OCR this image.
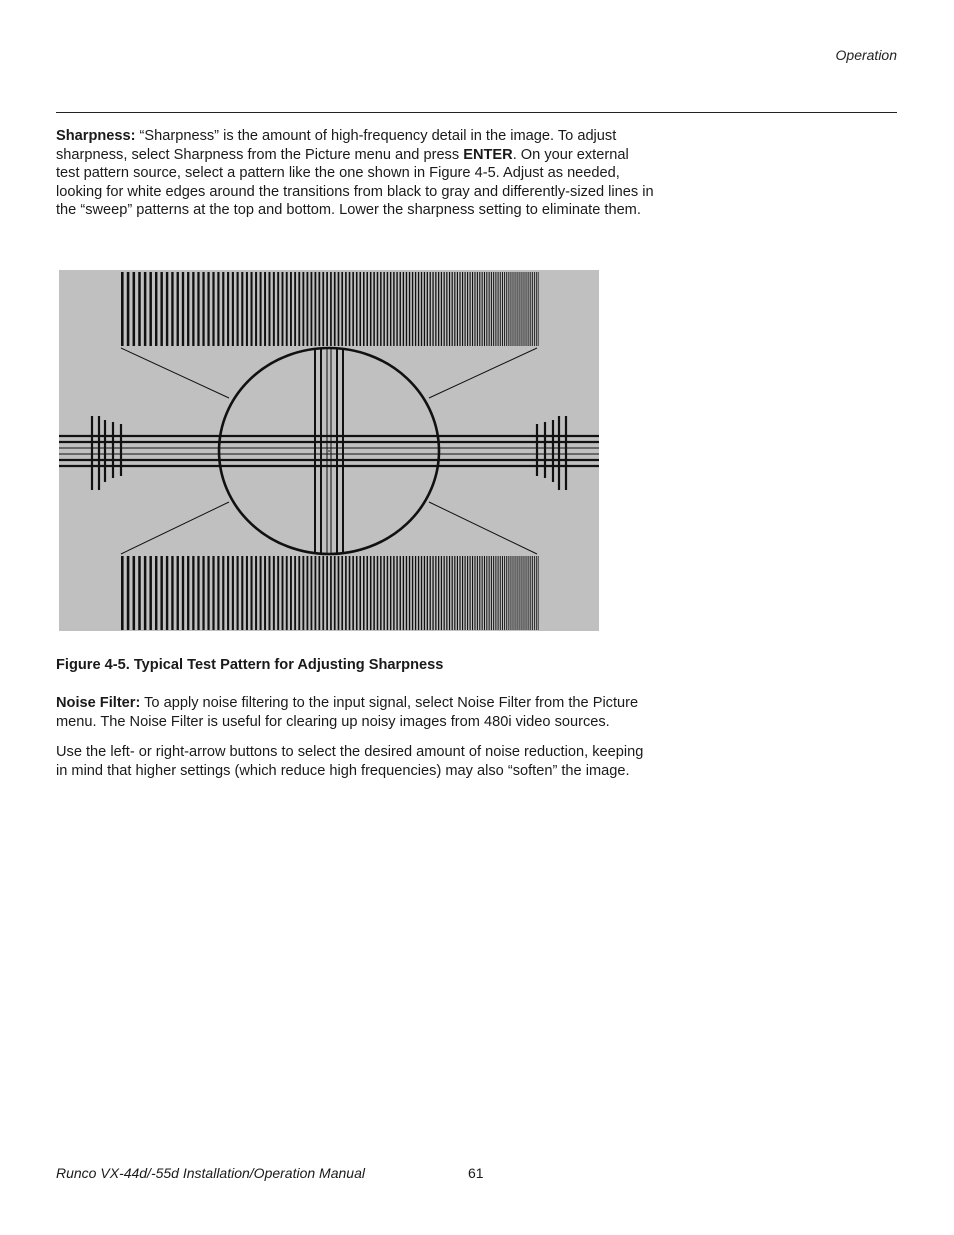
Operation

Sharpness: “Sharpness” is the amount of high-frequency detail in the image. To adjust sharpness, select Sharpness from the Picture menu and press ENTER. On your external test pattern source, select a pattern like the one shown in Figure 4-5. Adjust as needed, looking for white edges around the transitions from black to gray and differently-sized lines in the “sweep” patterns at the top and bottom. Lower the sharpness setting to eliminate them.

Figure 4-5. Typical Test Pattern for Adjusting Sharpness

Noise Filter: To apply noise filtering to the input signal, select Noise Filter from the Picture menu. The Noise Filter is useful for clearing up noisy images from 480i video sources.

Use the left- or right-arrow buttons to select the desired amount of noise reduction, keeping in mind that higher settings (which reduce high frequencies) may also “soften” the image.

Runco VX-44d/-55d Installation/Operation Manual	61
